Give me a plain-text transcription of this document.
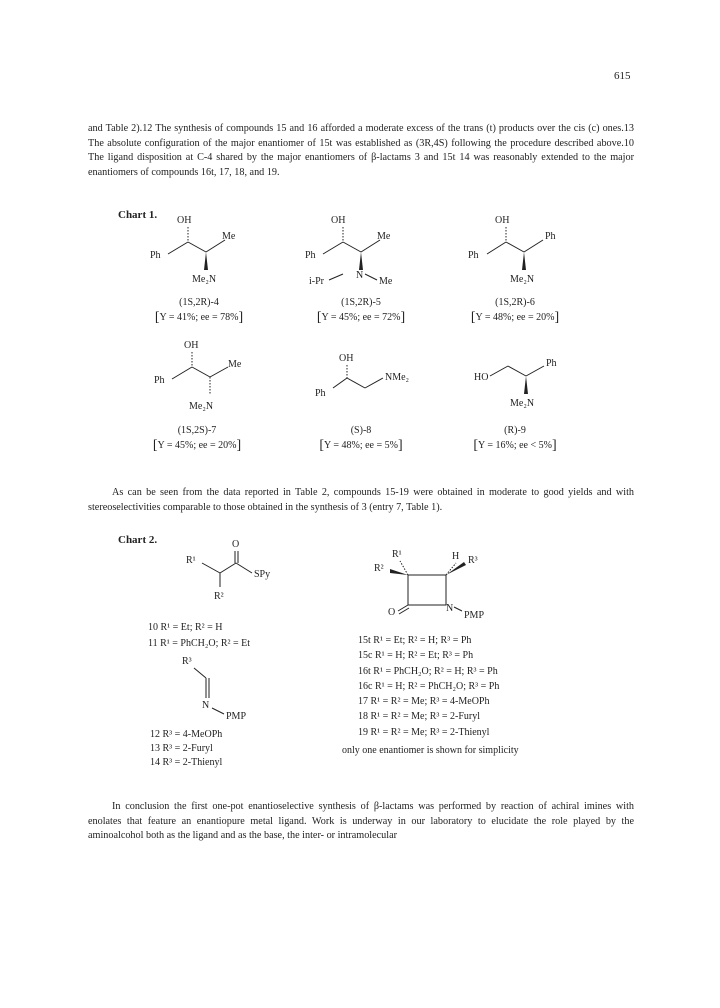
615

and Table 2).12 The synthesis of compounds 15 and 16 afforded a moderate excess of the trans (t) products over the cis (c) ones.13 The absolute configuration of the major enantiomer of 15t was established as (3R,4S) following the procedure described above.10 The ligand disposition at C-4 shared by the major enantiomers of β-lactams 3 and 15t 14 was reasonably extended to the major enantiomers of compounds 16t, 17, 18, and 19.

Chart 1. OH
Ph
Me
Me₂N
(1S,2R)-4
[Y = 41%; ee = 78%]
OH
Ph
Me
i-Pr
N
Me
(1S,2R)-5
[Y = 45%; ee = 72%]
OH
Ph
Ph
Me₂N
(1S,2R)-6
[Y = 48%; ee = 20%]
OH
Ph
Me
Me₂N
(1S,2S)-7
[Y = 45%; ee = 20%]
OH
Ph
NMe₂
(S)-8
[Y = 48%; ee = 5%]
HO
Ph
Me₂N
(R)-9
[Y = 16%; ee < 5%]

As can be seen from the data reported in Table 2, compounds 15-19 were obtained in moderate to good yields and with stereoselectivities comparable to those obtained in the synthesis of 3 (entry 7, Table 1).

Chart 2.	O
R¹
SPy
R²
10 R¹ = Et; R² = H
11 R¹ = PhCH₂O; R² = Et
R³
N
PMP
12 R³ = 4-MeOPh
13 R³ = 2-Furyl
14 R³ = 2-Thienyl
R¹
R²
H R³
O	N
PMP
15t R¹ = Et; R² = H; R³ = Ph
15c R¹ = H; R² = Et; R³ = Ph
16t R¹ = PhCH₂O; R² = H; R³ = Ph
16c R¹ = H; R² = PhCH₂O; R³ = Ph
17 R¹ = R² = Me; R³ = 4-MeOPh
18 R¹ = R² = Me; R³ = 2-Furyl
19 R¹ = R² = Me; R³ = 2-Thienyl
only one enantiomer is shown for simplicity

In conclusion the first one-pot enantioselective synthesis of β-lactams was performed by reaction of achiral imines with enolates that feature an enantiopure metal ligand. Work is underway in our laboratory to elucidate the role played by the aminoalcohol both as the ligand and as the base, the inter- or intramolecular
